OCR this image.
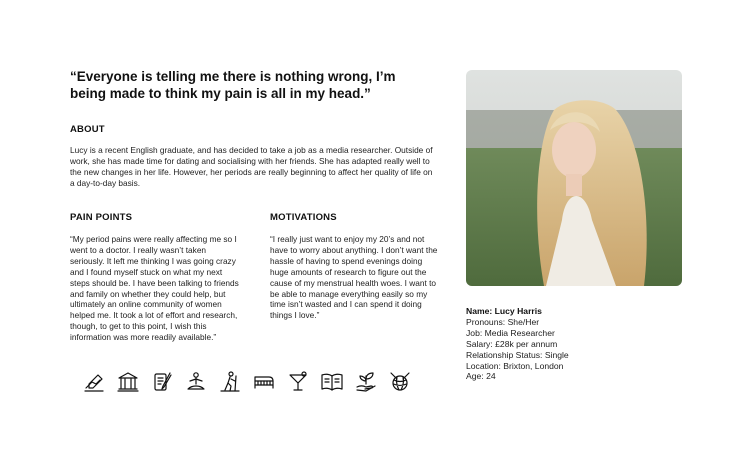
“Everyone is telling me there is nothing wrong, I’m being made to think my pain is all in my head.”

ABOUT

Lucy is a recent English graduate, and has decided to take a job as a media researcher. Outside of work, she has made time for dating and socialising with her friends. She has adapted really well to the new changes in her life. However, her periods are really beginning to affect her quality of life on a day-to-day basis.

PAIN POINTS

“My period pains were really affecting me so I went to a doctor. I really wasn’t taken seriously. It left me thinking I was going crazy and I found myself stuck on what my next steps should be. I have been talking to friends and family on whether they could help, but ultimately an online community of women helped me. It took a lot of effort and research, though, to get to this point, I wish this information was more readily available.”

MOTIVATIONS

“I really just want to enjoy my 20’s and not have to worry about anything. I don’t want the hassle of having to spend evenings doing huge amounts of research to figure out the cause of my menstrual health woes. I want to be able to manage everything easily so my time isn’t wasted and I can spend it doing things I love.”	Name: Lucy Harris
Pronouns: She/Her
Job: Media Researcher
Salary: £28k per annum
Relationship Status: Single
Location: Brixton, London
Age: 24
